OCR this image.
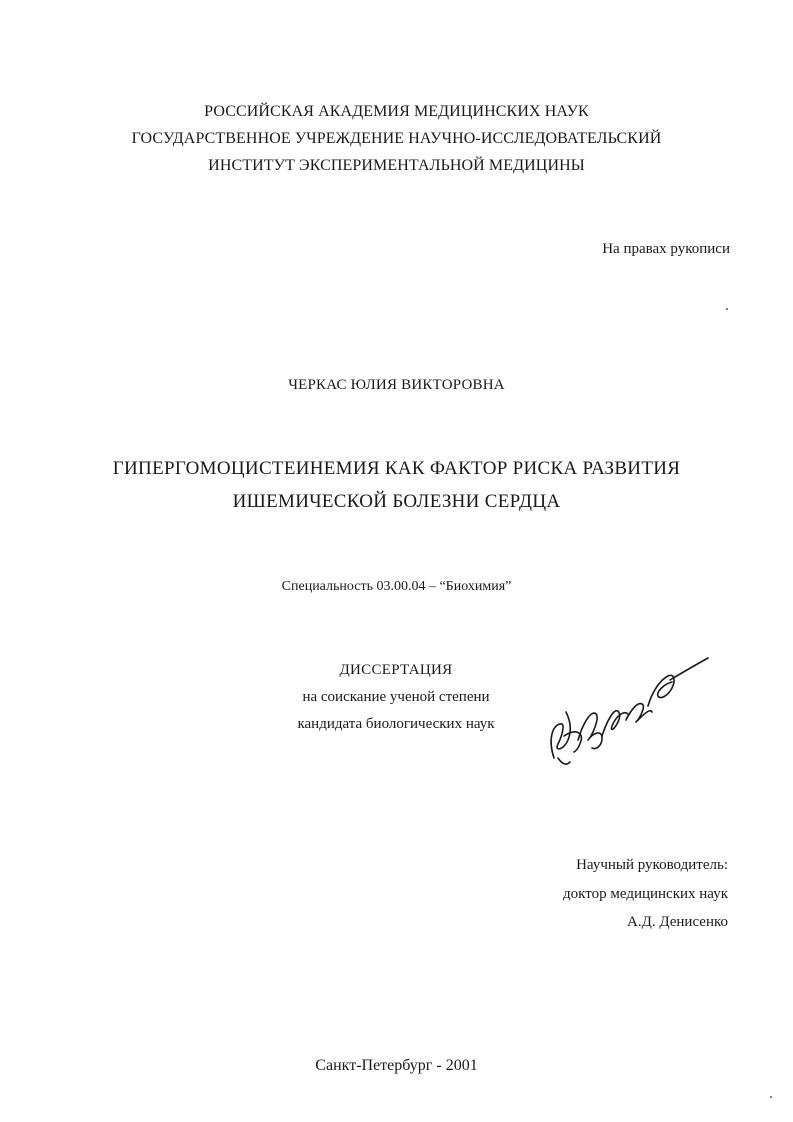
РОССИЙСКАЯ АКАДЕМИЯ МЕДИЦИНСКИХ НАУК
ГОСУДАРСТВЕННОЕ УЧРЕЖДЕНИЕ НАУЧНО-ИССЛЕДОВАТЕЛЬСКИЙ
ИНСТИТУТ ЭКСПЕРИМЕНТАЛЬНОЙ МЕДИЦИНЫ
На правах рукописи
ЧЕРКАС ЮЛИЯ ВИКТОРОВНА
ГИПЕРГОМОЦИСТЕИНЕМИЯ КАК ФАКТОР РИСКА РАЗВИТИЯ
ИШЕМИЧЕСКОЙ БОЛЕЗНИ СЕРДЦА
Специальность 03.00.04 – “Биохимия”
ДИССЕРТАЦИЯ
на соискание ученой степени
кандидата биологических наук
Научный руководитель:
доктор медицинских наук
А.Д. Денисенко
Санкт-Петербург - 2001
